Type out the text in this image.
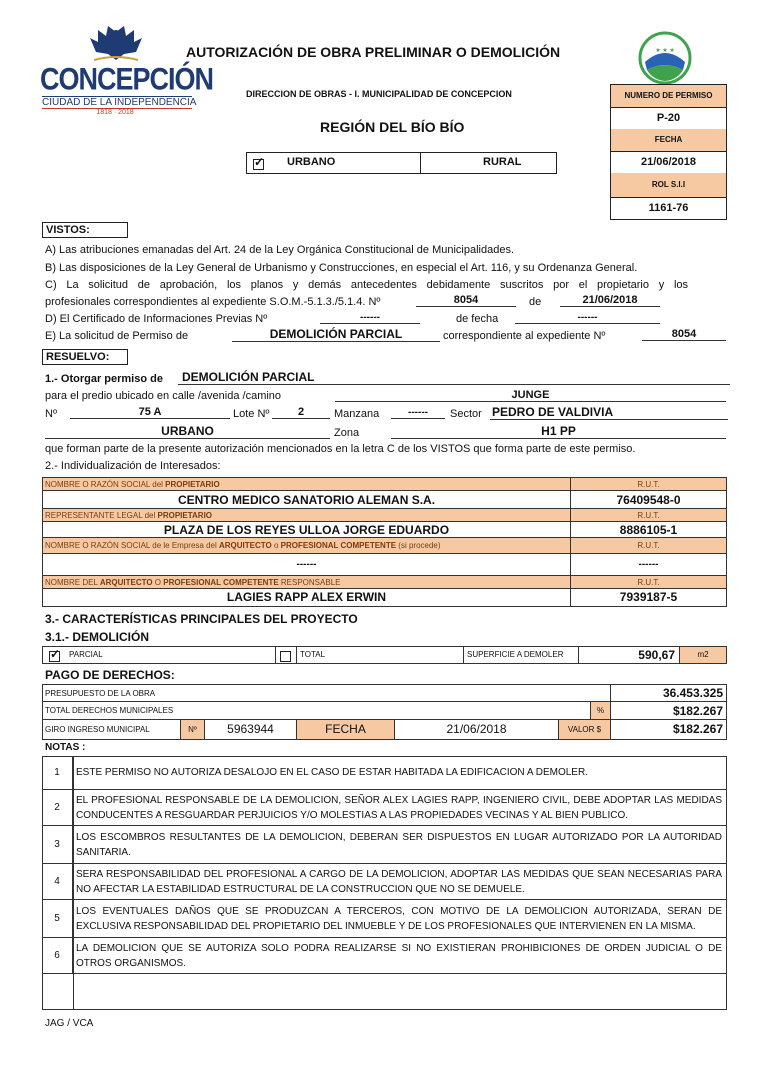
CONCEPCIÓN
CIUDAD DE LA INDEPENDENCIA
1818 · 2018
AUTORIZACIÓN DE OBRA PRELIMINAR O DEMOLICIÓN	★ ★ ★
DIRECCION DE OBRAS - I. MUNICIPALIDAD DE CONCEPCION
REGIÓN DEL BÍO BÍO
✓ URBANO	RURAL
NUMERO DE PERMISO
P-20
FECHA
21/06/2018
ROL S.I.I
1161-76
VISTOS:
A) Las atribuciones emanadas del Art. 24 de la Ley Orgánica Constitucional de Municipalidades.
B) Las disposiciones de la Ley General de Urbanismo y Construcciones, en especial el Art. 116, y su Ordenanza General.
C) La solicitud de aprobación, los planos y demás antecedentes debidamente suscritos por el propietario y los
profesionales correspondientes al expediente S.O.M.-5.1.3./5.1.4. Nº	8054	de	21/06/2018
D) El Certificado de Informaciones Previas Nº	------	de fecha	------
E) La solicitud de Permiso de	DEMOLICIÓN PARCIAL	correspondiente al expediente Nº	8054
RESUELVO:
1.- Otorgar permiso de	DEMOLICIÓN PARCIAL
para el predio ubicado en calle /avenida /camino	JUNGE
Nº	75 A	Lote Nº	2	Manzana	------	Sector PEDRO DE VALDIVIA
URBANO	Zona	H1 PP
que forman parte de la presente autorización mencionados en la letra C de los VISTOS que forma parte de este permiso.
2.- Individualización de Interesados:
NOMBRE O RAZÓN SOCIAL del PROPIETARIO	R.U.T.
CENTRO MEDICO SANATORIO ALEMAN S.A.	76409548-0
REPRESENTANTE LEGAL del PROPIETARIO	R.U.T.
PLAZA DE LOS REYES ULLOA JORGE EDUARDO	8886105-1
NOMBRE O RAZÓN SOCIAL de le Empresa del ARQUITECTO o PROFESIONAL COMPETENTE (si procede)	R.U.T.
------	------
NOMBRE DEL ARQUITECTO O PROFESIONAL COMPETENTE RESPONSABLE	R.U.T.
LAGIES RAPP ALEX ERWIN	7939187-5
3.- CARACTERÍSTICAS PRINCIPALES DEL PROYECTO
3.1.- DEMOLICIÓN
✓ PARCIAL	TOTAL	SUPERFICIE A DEMOLER	590,67	m2
PAGO DE DERECHOS:
PRESUPUESTO DE LA OBRA	36.453.325
TOTAL DERECHOS MUNICIPALES	%	$182.267
GIRO INGRESO MUNICIPAL	Nº	5963944	FECHA	21/06/2018	VALOR $	$182.267
NOTAS :
1	ESTE PERMISO NO AUTORIZA DESALOJO EN EL CASO DE ESTAR HABITADA LA EDIFICACION A DEMOLER.
2
EL PROFESIONAL RESPONSABLE DE LA DEMOLICION, SEÑOR ALEX LAGIES RAPP, INGENIERO CIVIL, DEBE ADOPTAR LAS MEDIDAS CONDUCENTES A RESGUARDAR PERJUICIOS Y/O MOLESTIAS A LAS PROPIEDADES VECINAS Y AL BIEN PUBLICO.
3
LOS ESCOMBROS RESULTANTES DE LA DEMOLICION, DEBERAN SER DISPUESTOS EN LUGAR AUTORIZADO POR LA AUTORIDAD SANITARIA.
4
SERA RESPONSABILIDAD DEL PROFESIONAL A CARGO DE LA DEMOLICION, ADOPTAR LAS MEDIDAS QUE SEAN NECESARIAS PARA NO AFECTAR LA ESTABILIDAD ESTRUCTURAL DE LA CONSTRUCCION QUE NO SE DEMUELE.
5
LOS EVENTUALES DAÑOS QUE SE PRODUZCAN A TERCEROS, CON MOTIVO DE LA DEMOLICION AUTORIZADA, SERAN DE EXCLUSIVA RESPONSABILIDAD DEL PROPIETARIO DEL INMUEBLE Y DE LOS PROFESIONALES QUE INTERVIENEN EN LA MISMA.
6
LA DEMOLICION QUE SE AUTORIZA SOLO PODRA REALIZARSE SI NO EXISTIERAN PROHIBICIONES DE ORDEN JUDICIAL O DE OTROS ORGANISMOS.
JAG / VCA
